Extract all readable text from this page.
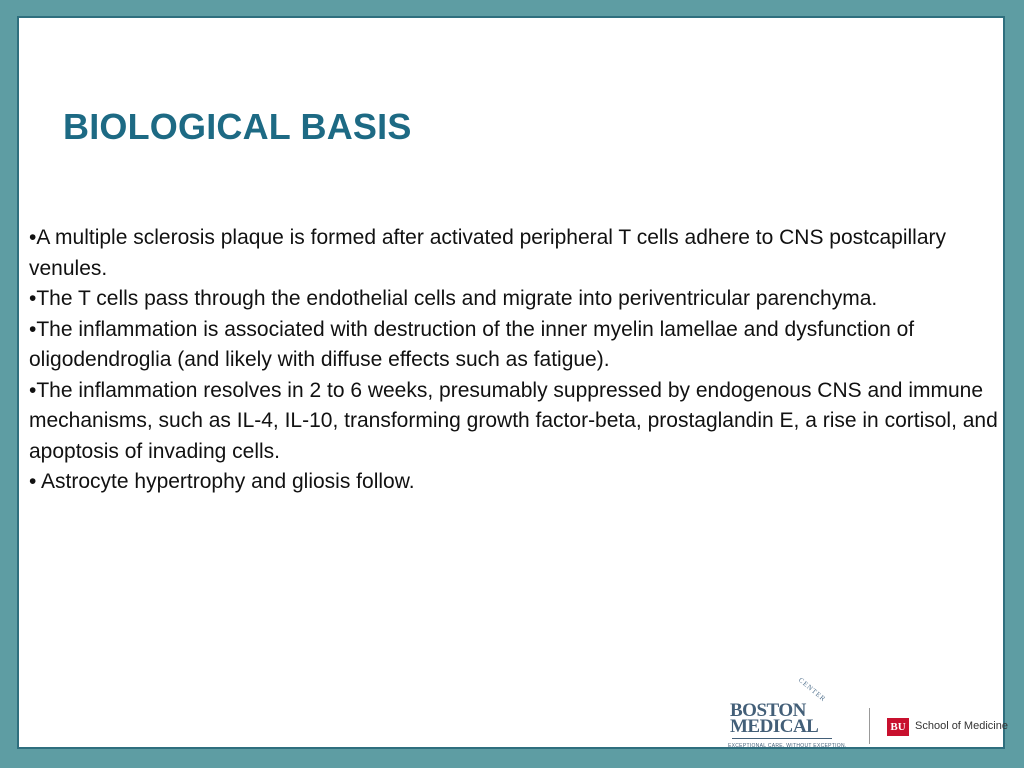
BIOLOGICAL BASIS
•A multiple sclerosis plaque is formed after activated peripheral T cells adhere to CNS postcapillary venules.
•The T cells pass through the endothelial cells and migrate into periventricular parenchyma.
•The inflammation is associated with destruction of the inner myelin lamellae and dysfunction of oligodendroglia (and likely with diffuse effects such as fatigue).
•The inflammation resolves in 2 to 6 weeks, presumably suppressed by endogenous CNS and immune mechanisms, such as IL-4, IL-10, transforming growth factor-beta, prostaglandin E, a rise in cortisol, and apoptosis of invading cells.
• Astrocyte hypertrophy and gliosis follow.
CENTER
BOSTON
MEDICAL
EXCEPTIONAL CARE. WITHOUT EXCEPTION.
BU School of Medicine
